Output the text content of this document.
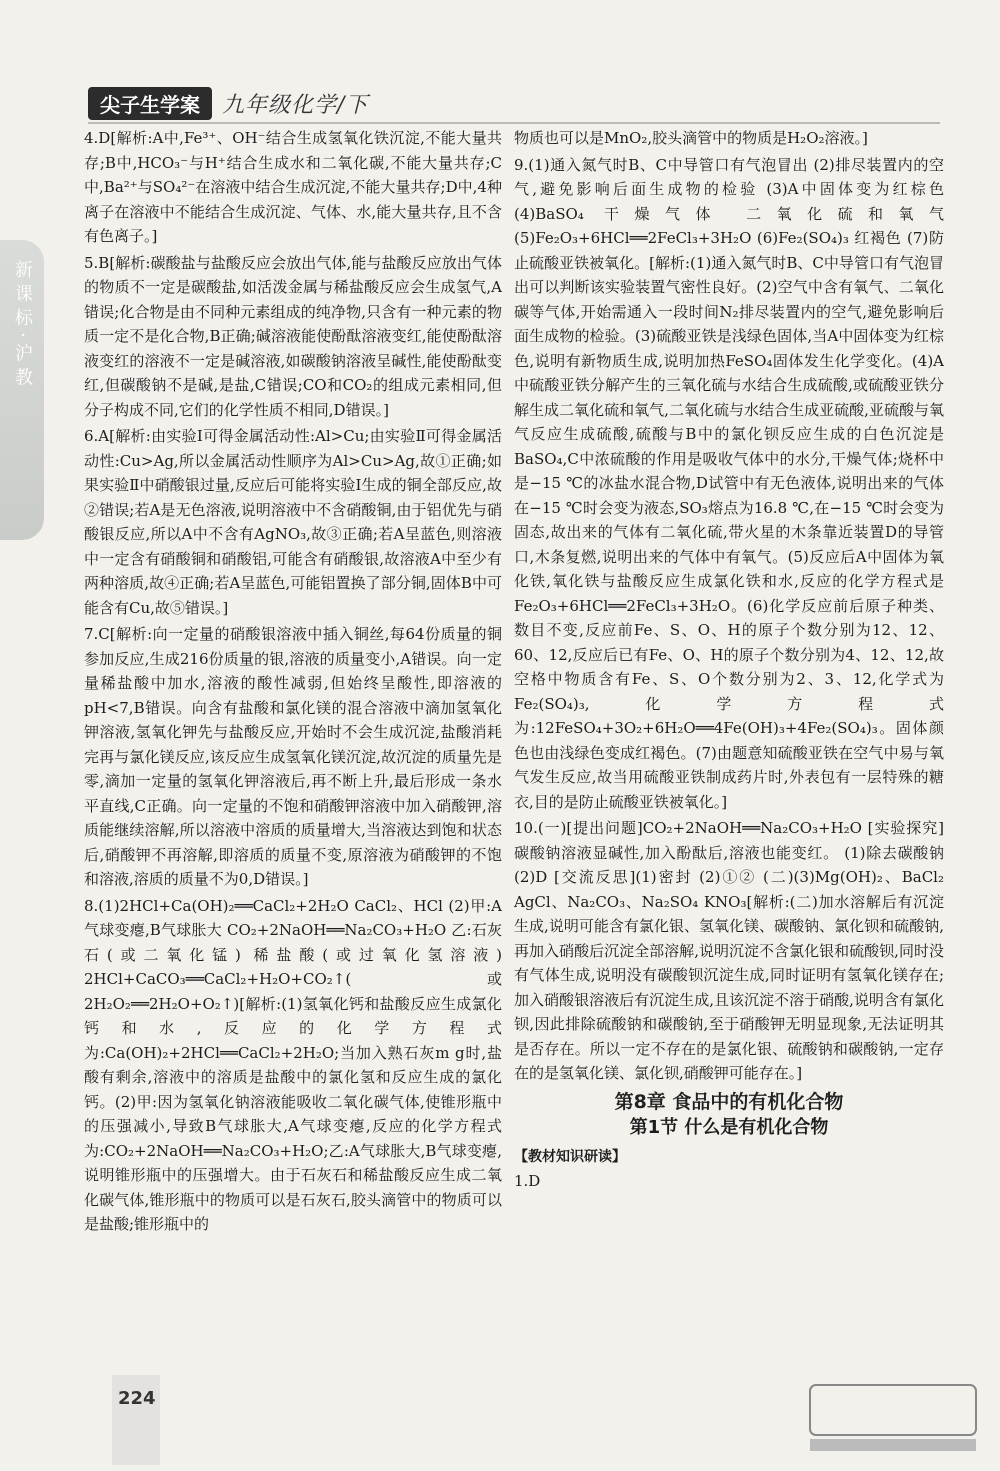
尖子生学案	九年级化学/下
新课标·沪教

4.D[解析:A中,Fe³⁺、OH⁻结合生成氢氧化铁沉淀,不能大量共存;B中,HCO₃⁻与H⁺结合生成水和二氧化碳,不能大量共存;C中,Ba²⁺与SO₄²⁻在溶液中结合生成沉淀,不能大量共存;D中,4种离子在溶液中不能结合生成沉淀、气体、水,能大量共存,且不含有色离子。]

5.B[解析:碳酸盐与盐酸反应会放出气体,能与盐酸反应放出气体的物质不一定是碳酸盐,如活泼金属与稀盐酸反应会生成氢气,A错误;化合物是由不同种元素组成的纯净物,只含有一种元素的物质一定不是化合物,B正确;碱溶液能使酚酞溶液变红,能使酚酞溶液变红的溶液不一定是碱溶液,如碳酸钠溶液呈碱性,能使酚酞变红,但碳酸钠不是碱,是盐,C错误;CO和CO₂的组成元素相同,但分子构成不同,它们的化学性质不相同,D错误。]

6.A[解析:由实验Ⅰ可得金属活动性:Al>Cu;由实验Ⅱ可得金属活动性:Cu>Ag,所以金属活动性顺序为Al>Cu>Ag,故①正确;如果实验Ⅱ中硝酸银过量,反应后可能将实验Ⅰ生成的铜全部反应,故②错误;若A是无色溶液,说明溶液中不含硝酸铜,由于铝优先与硝酸银反应,所以A中不含有AgNO₃,故③正确;若A呈蓝色,则溶液中一定含有硝酸铜和硝酸铝,可能含有硝酸银,故溶液A中至少有两种溶质,故④正确;若A呈蓝色,可能铝置换了部分铜,固体B中可能含有Cu,故⑤错误。]

7.C[解析:向一定量的硝酸银溶液中插入铜丝,每64份质量的铜参加反应,生成216份质量的银,溶液的质量变小,A错误。向一定量稀盐酸中加水,溶液的酸性减弱,但始终呈酸性,即溶液的pH<7,B错误。向含有盐酸和氯化镁的混合溶液中滴加氢氧化钾溶液,氢氧化钾先与盐酸反应,开始时不会生成沉淀,盐酸消耗完再与氯化镁反应,该反应生成氢氧化镁沉淀,故沉淀的质量先是零,滴加一定量的氢氧化钾溶液后,再不断上升,最后形成一条水平直线,C正确。向一定量的不饱和硝酸钾溶液中加入硝酸钾,溶质能继续溶解,所以溶液中溶质的质量增大,当溶液达到饱和状态后,硝酸钾不再溶解,即溶质的质量不变,原溶液为硝酸钾的不饱和溶液,溶质的质量不为0,D错误。]

8.(1)2HCl+Ca(OH)₂══CaCl₂+2H₂O CaCl₂、HCl (2)甲:A气球变瘪,B气球胀大 CO₂+2NaOH══Na₂CO₃+H₂O 乙:石灰石(或二氧化锰) 稀盐酸(或过氧化氢溶液) 2HCl+CaCO₃══CaCl₂+H₂O+CO₂↑(或2H₂O₂══2H₂O+O₂↑)[解析:(1)氢氧化钙和盐酸反应生成氯化钙和水,反应的化学方程式为:Ca(OH)₂+2HCl══CaCl₂+2H₂O;当加入熟石灰m g时,盐酸有剩余,溶液中的溶质是盐酸中的氯化氢和反应生成的氯化钙。(2)甲:因为氢氧化钠溶液能吸收二氧化碳气体,使锥形瓶中的压强减小,导致B气球胀大,A气球变瘪,反应的化学方程式为:CO₂+2NaOH══Na₂CO₃+H₂O;乙:A气球胀大,B气球变瘪,说明锥形瓶中的压强增大。由于石灰石和稀盐酸反应生成二氧化碳气体,锥形瓶中的物质可以是石灰石,胶头滴管中的物质可以是盐酸;锥形瓶中的

物质也可以是MnO₂,胶头滴管中的物质是H₂O₂溶液。]

9.(1)通入氮气时B、C中导管口有气泡冒出 (2)排尽装置内的空气,避免影响后面生成物的检验 (3)A中固体变为红棕色 (4)BaSO₄ 干燥气体 二氧化硫和氧气 (5)Fe₂O₃+6HCl══2FeCl₃+3H₂O (6)Fe₂(SO₄)₃ 红褐色 (7)防止硫酸亚铁被氧化。[解析:(1)通入氮气时B、C中导管口有气泡冒出可以判断该实验装置气密性良好。(2)空气中含有氧气、二氧化碳等气体,开始需通入一段时间N₂排尽装置内的空气,避免影响后面生成物的检验。(3)硫酸亚铁是浅绿色固体,当A中固体变为红棕色,说明有新物质生成,说明加热FeSO₄固体发生化学变化。(4)A中硫酸亚铁分解产生的三氧化硫与水结合生成硫酸,或硫酸亚铁分解生成二氧化硫和氧气,二氧化硫与水结合生成亚硫酸,亚硫酸与氧气反应生成硫酸,硫酸与B中的氯化钡反应生成的白色沉淀是BaSO₄,C中浓硫酸的作用是吸收气体中的水分,干燥气体;烧杯中是−15 ℃的冰盐水混合物,D试管中有无色液体,说明出来的气体在−15 ℃时会变为液态,SO₃熔点为16.8 ℃,在−15 ℃时会变为固态,故出来的气体有二氧化硫,带火星的木条靠近装置D的导管口,木条复燃,说明出来的气体中有氧气。(5)反应后A中固体为氧化铁,氧化铁与盐酸反应生成氯化铁和水,反应的化学方程式是Fe₂O₃+6HCl══2FeCl₃+3H₂O。(6)化学反应前后原子种类、数目不变,反应前Fe、S、O、H的原子个数分别为12、12、60、12,反应后已有Fe、O、H的原子个数分别为4、12、12,故空格中物质含有Fe、S、O个数分别为2、3、12,化学式为Fe₂(SO₄)₃,化学方程式为:12FeSO₄+3O₂+6H₂O══4Fe(OH)₃+4Fe₂(SO₄)₃。固体颜色也由浅绿色变成红褐色。(7)由题意知硫酸亚铁在空气中易与氧气发生反应,故当用硫酸亚铁制成药片时,外表包有一层特殊的糖衣,目的是防止硫酸亚铁被氧化。]

10.(一)[提出问题]CO₂+2NaOH══Na₂CO₃+H₂O [实验探究]碳酸钠溶液显碱性,加入酚酞后,溶液也能变红。 (1)除去碳酸钠 (2)D [交流反思](1)密封 (2)①② (二)(3)Mg(OH)₂、BaCl₂ AgCl、Na₂CO₃、Na₂SO₄ KNO₃[解析:(二)加水溶解后有沉淀生成,说明可能含有氯化银、氢氧化镁、碳酸钠、氯化钡和硫酸钠,再加入硝酸后沉淀全部溶解,说明沉淀不含氯化银和硫酸钡,同时没有气体生成,说明没有碳酸钡沉淀生成,同时证明有氢氧化镁存在;加入硝酸银溶液后有沉淀生成,且该沉淀不溶于硝酸,说明含有氯化钡,因此排除硫酸钠和碳酸钠,至于硝酸钾无明显现象,无法证明其是否存在。所以一定不存在的是氯化银、硫酸钠和碳酸钠,一定存在的是氢氧化镁、氯化钡,硝酸钾可能存在。]

第8章 食品中的有机化合物
第1节 什么是有机化合物
【教材知识研读】
1.D
224
